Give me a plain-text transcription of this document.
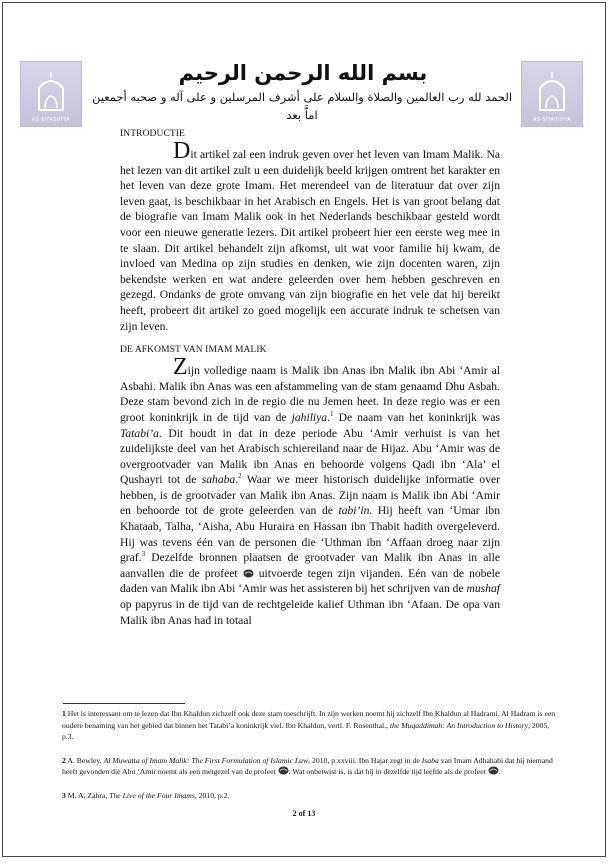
AS-SIYASIIYYA	AS-SIYASIIYYA
بسم الله الرحمن الرحيم
الحمد لله رب العالمين والصلاة والسلام على أشرف المرسلين و على آله و صحبه أجمعين اماَّ بعد
INTRODUCTIE

Dit artikel zal een indruk geven over het leven van Imam Malik. Na het lezen van dit artikel zult u een duidelijk beeld krijgen omtrent het karakter en het leven van deze grote Imam. Het merendeel van de literatuur dat over zijn leven gaat, is beschikbaar in het Arabisch en Engels. Het is van groot belang dat de biografie van Imam Malik ook in het Nederlands beschikbaar gesteld wordt voor een nieuwe generatie lezers. Dit artikel probeert hier een eerste weg mee in te slaan. Dit artikel behandelt zijn afkomst, uit wat voor familie hij kwam, de invloed van Medina op zijn studies en denken, wie zijn docenten waren, zijn bekendste werken en wat andere geleerden over hem hebben geschreven en gezegd. Ondanks de grote omvang van zijn biografie en het vele dat hij bereikt heeft, probeert dit artikel zo goed mogelijk een accurate indruk te schetsen van zijn leven.

DE AFKOMST VAN IMAM MALIK

Zijn volledige naam is Malik ibn Anas ibn Malik ibn Abi ‘Amir al Asbahi. Malik ibn Anas was een afstammeling van de stam genaamd Dhu Asbah. Deze stam bevond zich in de regio die nu Jemen heet. In deze regio was er een groot koninkrijk in de tijd van de jahiliya.$^1$ De naam van het koninkrijk was Tatabi’a. Dit houdt in dat in deze periode Abu ‘Amir verhuist is van het zuidelijkste deel van het Arabisch schiereiland naar de Hijaz. Abu ‘Amir was de overgrootvader van Malik ibn Anas en behoorde volgens Qadi ibn ‘Ala’ el Qushayri tot de sahaba.$^2$ Waar we meer historisch duidelijke informatie over hebben, is de grootvader van Malik ibn Anas. Zijn naam is Malik ibn Abi ‘Amir en behoorde tot de grote geleerden van de tabi’in. Hij heeft van ‘Umar ibn Khataab, Talha, ‘Aisha, Abu Huraira en Hassan ibn Thabit hadith overgeleverd. Hij was tevens één van de personen die ‘Uthman ibn ‘Affaan droeg naar zijn graf.$^3$ Dezelfde bronnen plaatsen de grootvader van Malik ibn Anas in alle aanvallen die de profeet  uitvoerde tegen zijn vijanden. Eén van de nobele daden van Malik ibn Abi ‘Amir was het assisteren bij het schrijven van de mushaf op papyrus in de tijd van de rechtgeleide kalief Uthman ibn ‘Afaan. De opa van Malik ibn Anas had in totaal

1 Het is interessant om te lezen dat Ibn Khaldun zichzelf ook deze stam toeschrijft. In zijn werken noemt hij zichzelf Ibn Khaldun al Hadrami. Al Hadram is een oudere benaming van het gebied dat binnen het Tatabi’a koninkrijk viel. Ibn Khaldun, vertl. F. Rosenthal., the Muqaddimah: An Introduction to History, 2005, p.3.

2 A. Bewley, Al Muwatta of Imam Malik: The First Formulation of Islamic Law, 2010, p.xxviii. Ibn Hajar zegt in de Isaba van Imam Adhahabi dat hij niemand heeft gevonden die Abu ‘Amir noemt als een metgezel van de profeet . Wat onbetwist is, is dat hij in dezelfde tijd leefde als de profeet .

3 M. A. Zahra, The Live of the Four Imams, 2010, p.2.

2 of 13
